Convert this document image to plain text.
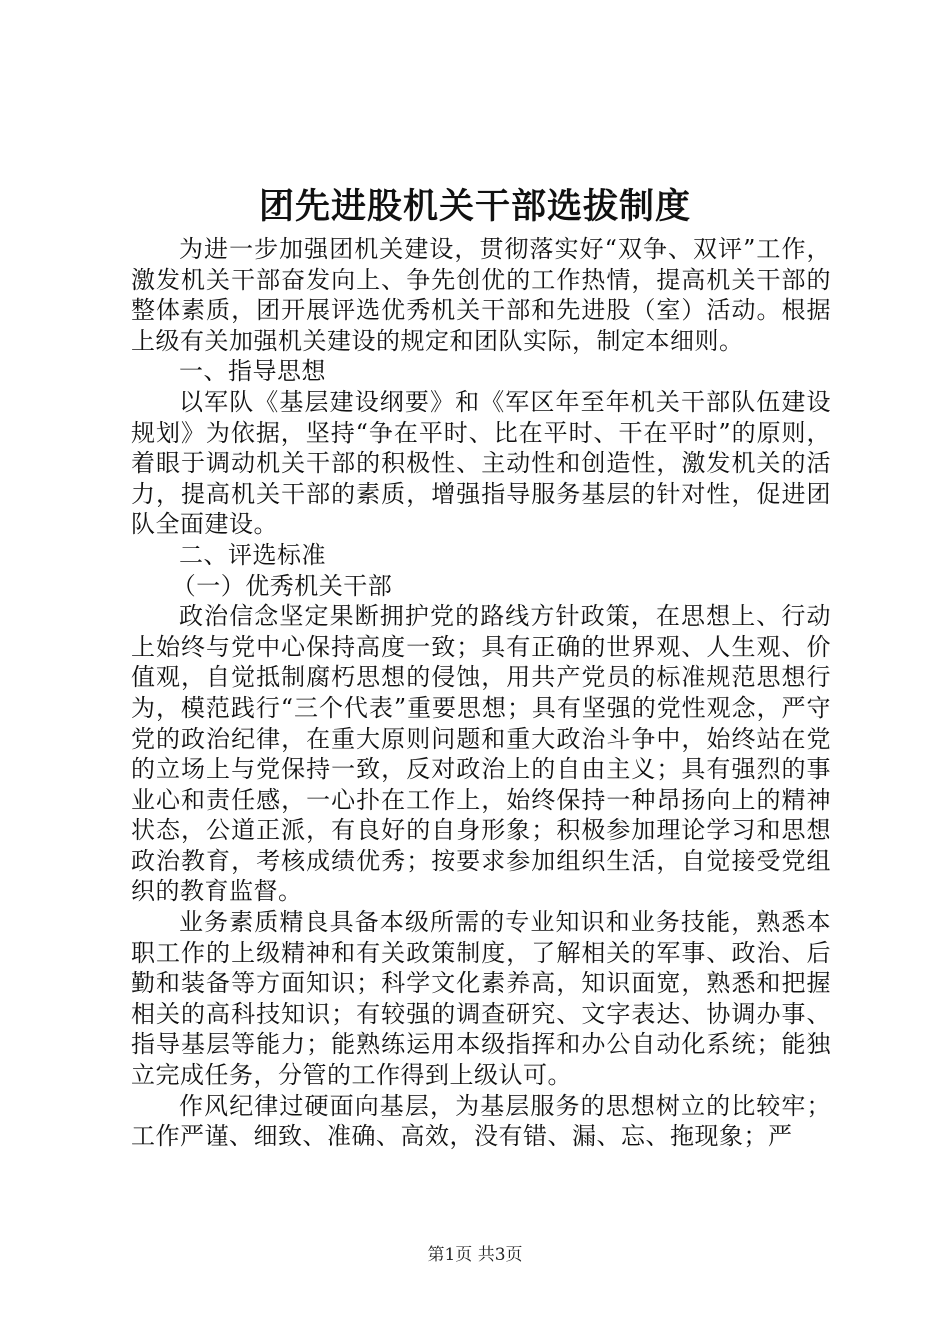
团先进股机关干部选拔制度

为进一步加强团机关建设，贯彻落实好“双争、双评”工作，激发机关干部奋发向上、争先创优的工作热情，提高机关干部的整体素质，团开展评选优秀机关干部和先进股（室）活动。根据上级有关加强机关建设的规定和团队实际，制定本细则。

一、指导思想

以军队《基层建设纲要》和《军区年至年机关干部队伍建设规划》为依据，坚持“争在平时、比在平时、干在平时”的原则，着眼于调动机关干部的积极性、主动性和创造性，激发机关的活力，提高机关干部的素质，增强指导服务基层的针对性，促进团队全面建设。

二、评选标准

（一）优秀机关干部

政治信念坚定果断拥护党的路线方针政策，在思想上、行动上始终与党中心保持高度一致；具有正确的世界观、人生观、价值观，自觉抵制腐朽思想的侵蚀，用共产党员的标准规范思想行为，模范践行“三个代表”重要思想；具有坚强的党性观念，严守党的政治纪律，在重大原则问题和重大政治斗争中，始终站在党的立场上与党保持一致，反对政治上的自由主义；具有强烈的事业心和责任感，一心扑在工作上，始终保持一种昂扬向上的精神状态，公道正派，有良好的自身形象；积极参加理论学习和思想政治教育，考核成绩优秀；按要求参加组织生活，自觉接受党组织的教育监督。

业务素质精良具备本级所需的专业知识和业务技能，熟悉本职工作的上级精神和有关政策制度，了解相关的军事、政治、后勤和装备等方面知识；科学文化素养高，知识面宽，熟悉和把握相关的高科技知识；有较强的调查研究、文字表达、协调办事、指导基层等能力；能熟练运用本级指挥和办公自动化系统；能独立完成任务，分管的工作得到上级认可。

作风纪律过硬面向基层，为基层服务的思想树立的比较牢；工作严谨、细致、准确、高效，没有错、漏、忘、拖现象；严

第1页 共3页
